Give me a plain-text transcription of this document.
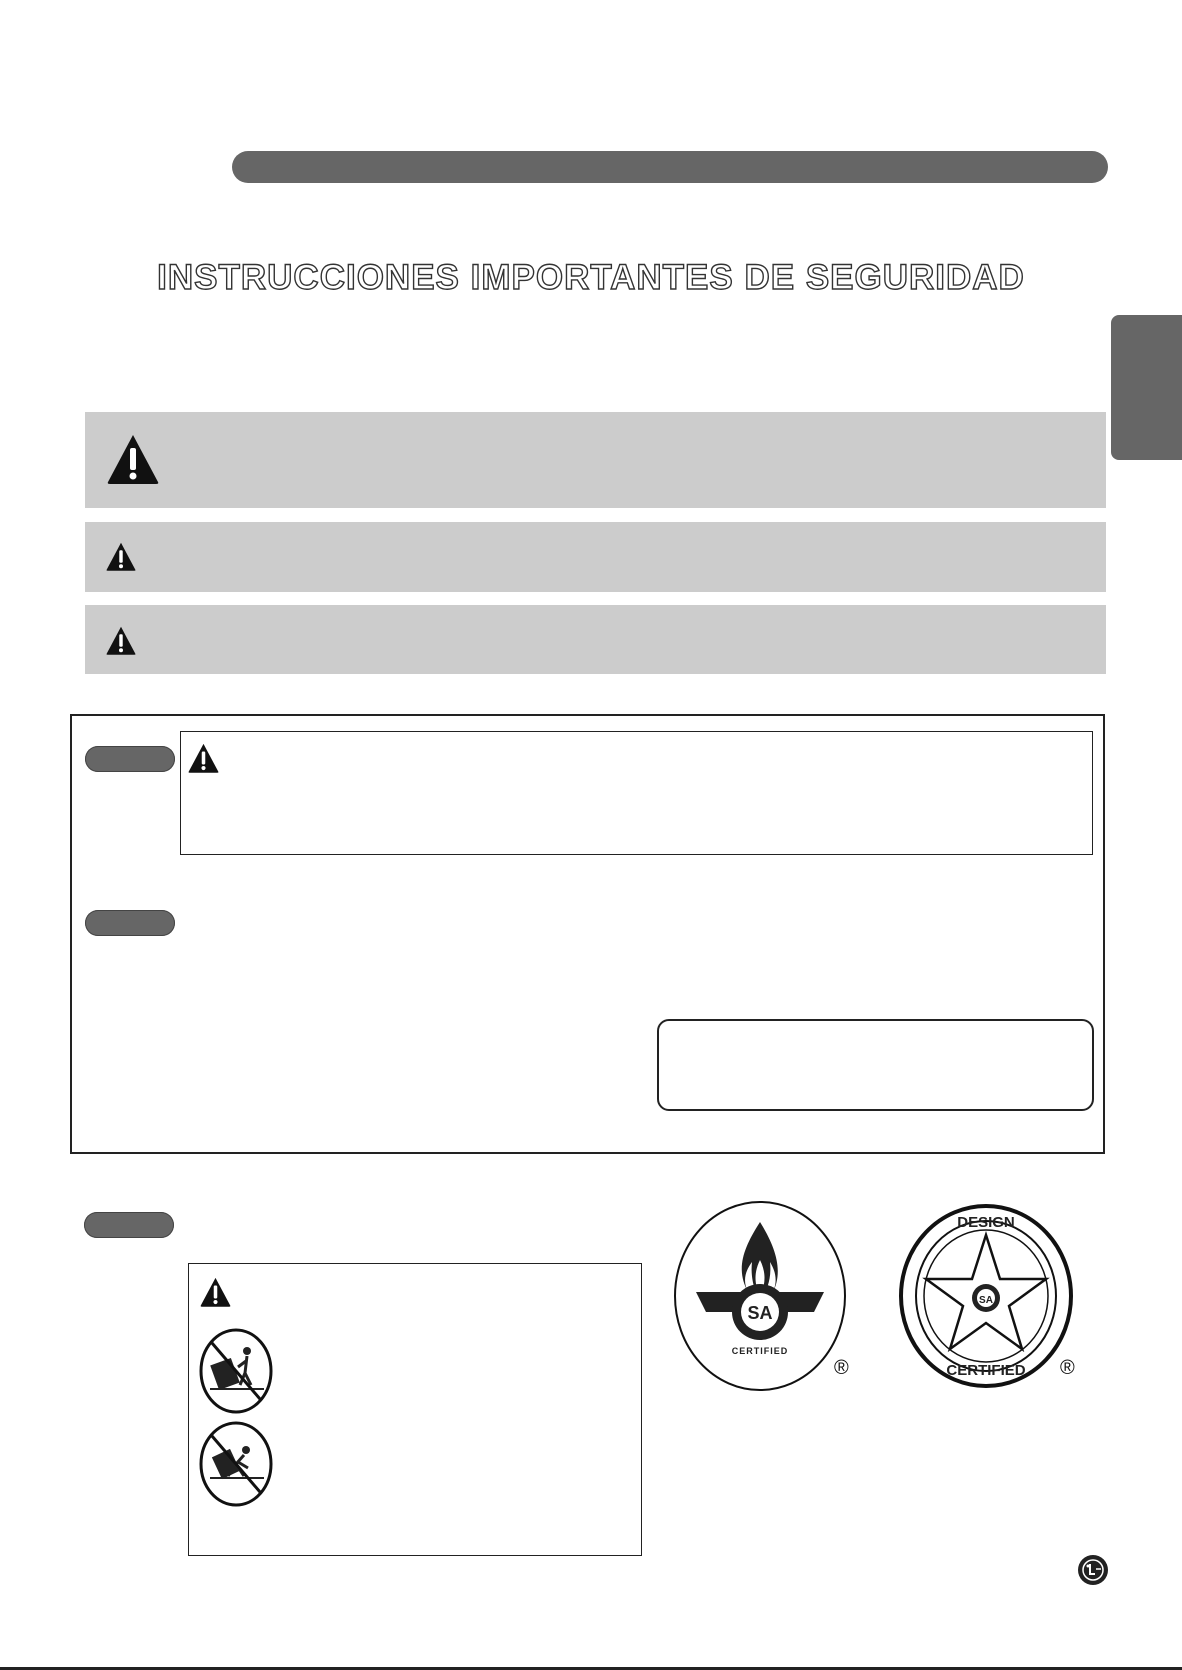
INSTRUCCIONES IMPORTANTES DE SEGURIDAD
SA
CERTIFIED
®
SA
DESIGN
CERTIFIED ®
